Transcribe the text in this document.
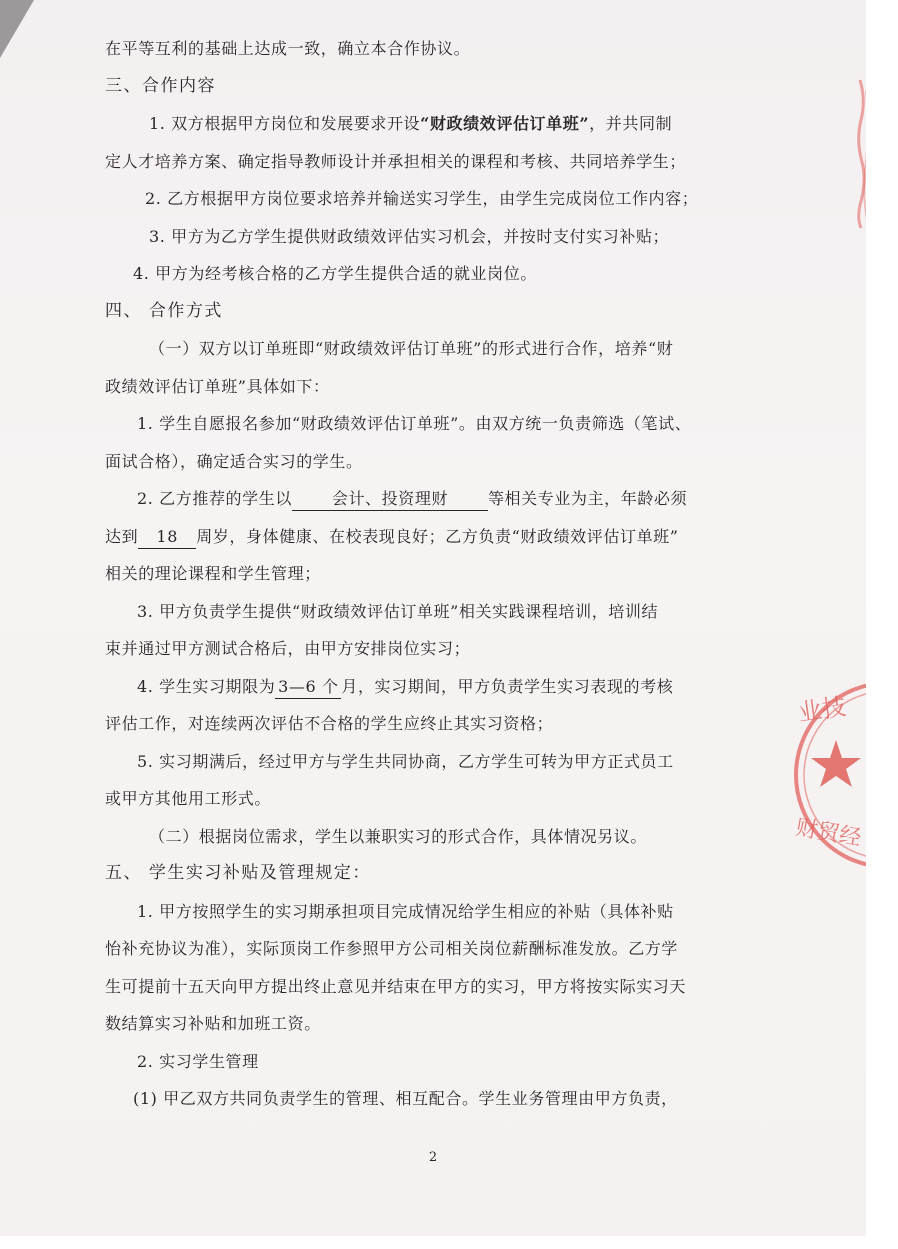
在平等互利的基础上达成一致，确立本合作协议。
三、合作内容
1. 双方根据甲方岗位和发展要求开设“财政绩效评估订单班”，并共同制
定人才培养方案、确定指导教师设计并承担相关的课程和考核、共同培养学生；
2. 乙方根据甲方岗位要求培养并输送实习学生，由学生完成岗位工作内容；
3. 甲方为乙方学生提供财政绩效评估实习机会，并按时支付实习补贴；
4. 甲方为经考核合格的乙方学生提供合适的就业岗位。
四、 合作方式
（一）双方以订单班即“财政绩效评估订单班”的形式进行合作，培养“财
政绩效评估订单班”具体如下：
1. 学生自愿报名参加“财政绩效评估订单班”。由双方统一负责筛选（笔试、
面试合格），确定适合实习的学生。
2. 乙方推荐的学生以 会计、投资理财 等相关专业为主，年龄必须
达到 18 周岁，身体健康、在校表现良好；乙方负责“财政绩效评估订单班”
相关的理论课程和学生管理；
3. 甲方负责学生提供“财政绩效评估订单班”相关实践课程培训，培训结
束并通过甲方测试合格后，由甲方安排岗位实习；
4. 学生实习期限为 3—6 个 月，实习期间，甲方负责学生实习表现的考核
评估工作，对连续两次评估不合格的学生应终止其实习资格；
5. 实习期满后，经过甲方与学生共同协商，乙方学生可转为甲方正式员工
或甲方其他用工形式。
（二）根据岗位需求，学生以兼职实习的形式合作，具体情况另议。
五、 学生实习补贴及管理规定：
1. 甲方按照学生的实习期承担项目完成情况给学生相应的补贴（具体补贴
怡补充协议为准），实际顶岗工作参照甲方公司相关岗位薪酬标准发放。乙方学
生可提前十五天向甲方提出终止意见并结束在甲方的实习，甲方将按实际实习天
数结算实习补贴和加班工资。
2. 实习学生管理
(1) 甲乙双方共同负责学生的管理、相互配合。学生业务管理由甲方负责，
2
业技
财贸经
